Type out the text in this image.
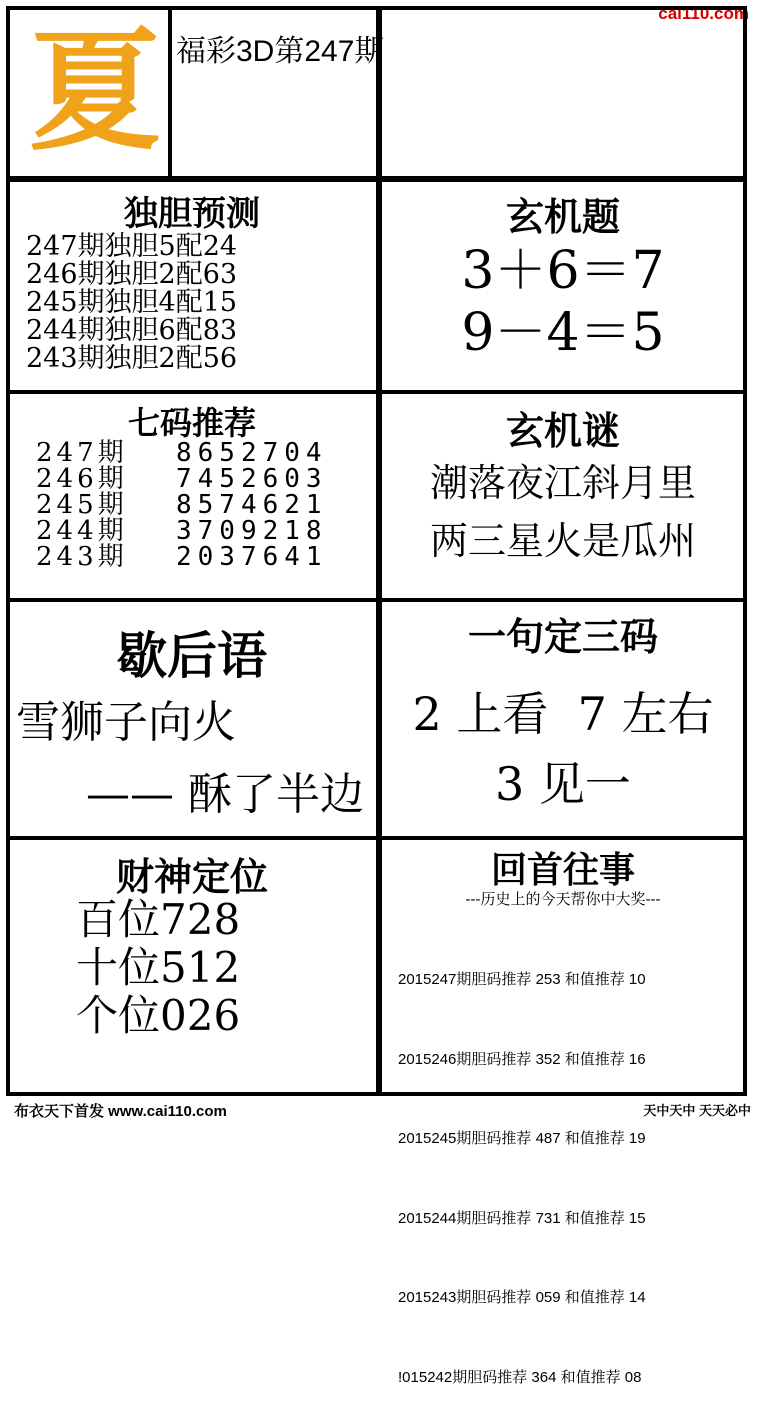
cai110.com
夏 福彩3D第247期
独胆预测
247期独胆5配24
246期独胆2配63
245期独胆4配15
244期独胆6配83
243期独胆2配56
玄机题
3＋6＝7
9－4＝5
七码推荐
247期 8652704
246期 7452603
245期 8574621
244期 3709218
243期 2037641
玄机谜
潮落夜江斜月里
两三星火是瓜州
歇后语
雪狮子向火
—— 酥了半边
一句定三码
2 上看  7 左右
3 见一
财神定位
百位728
十位512
个位026
回首往事
---历史上的今天帮你中大奖---

2015247期胆码推荐 253 和值推荐 10

2015246期胆码推荐 352 和值推荐 16

2015245期胆码推荐 487 和值推荐 19

2015244期胆码推荐 731 和值推荐 15

2015243期胆码推荐 059 和值推荐 14

!015242期胆码推荐 364 和值推荐 08

布衣天下首发 www.cai110.com	天中天中 天天必中
